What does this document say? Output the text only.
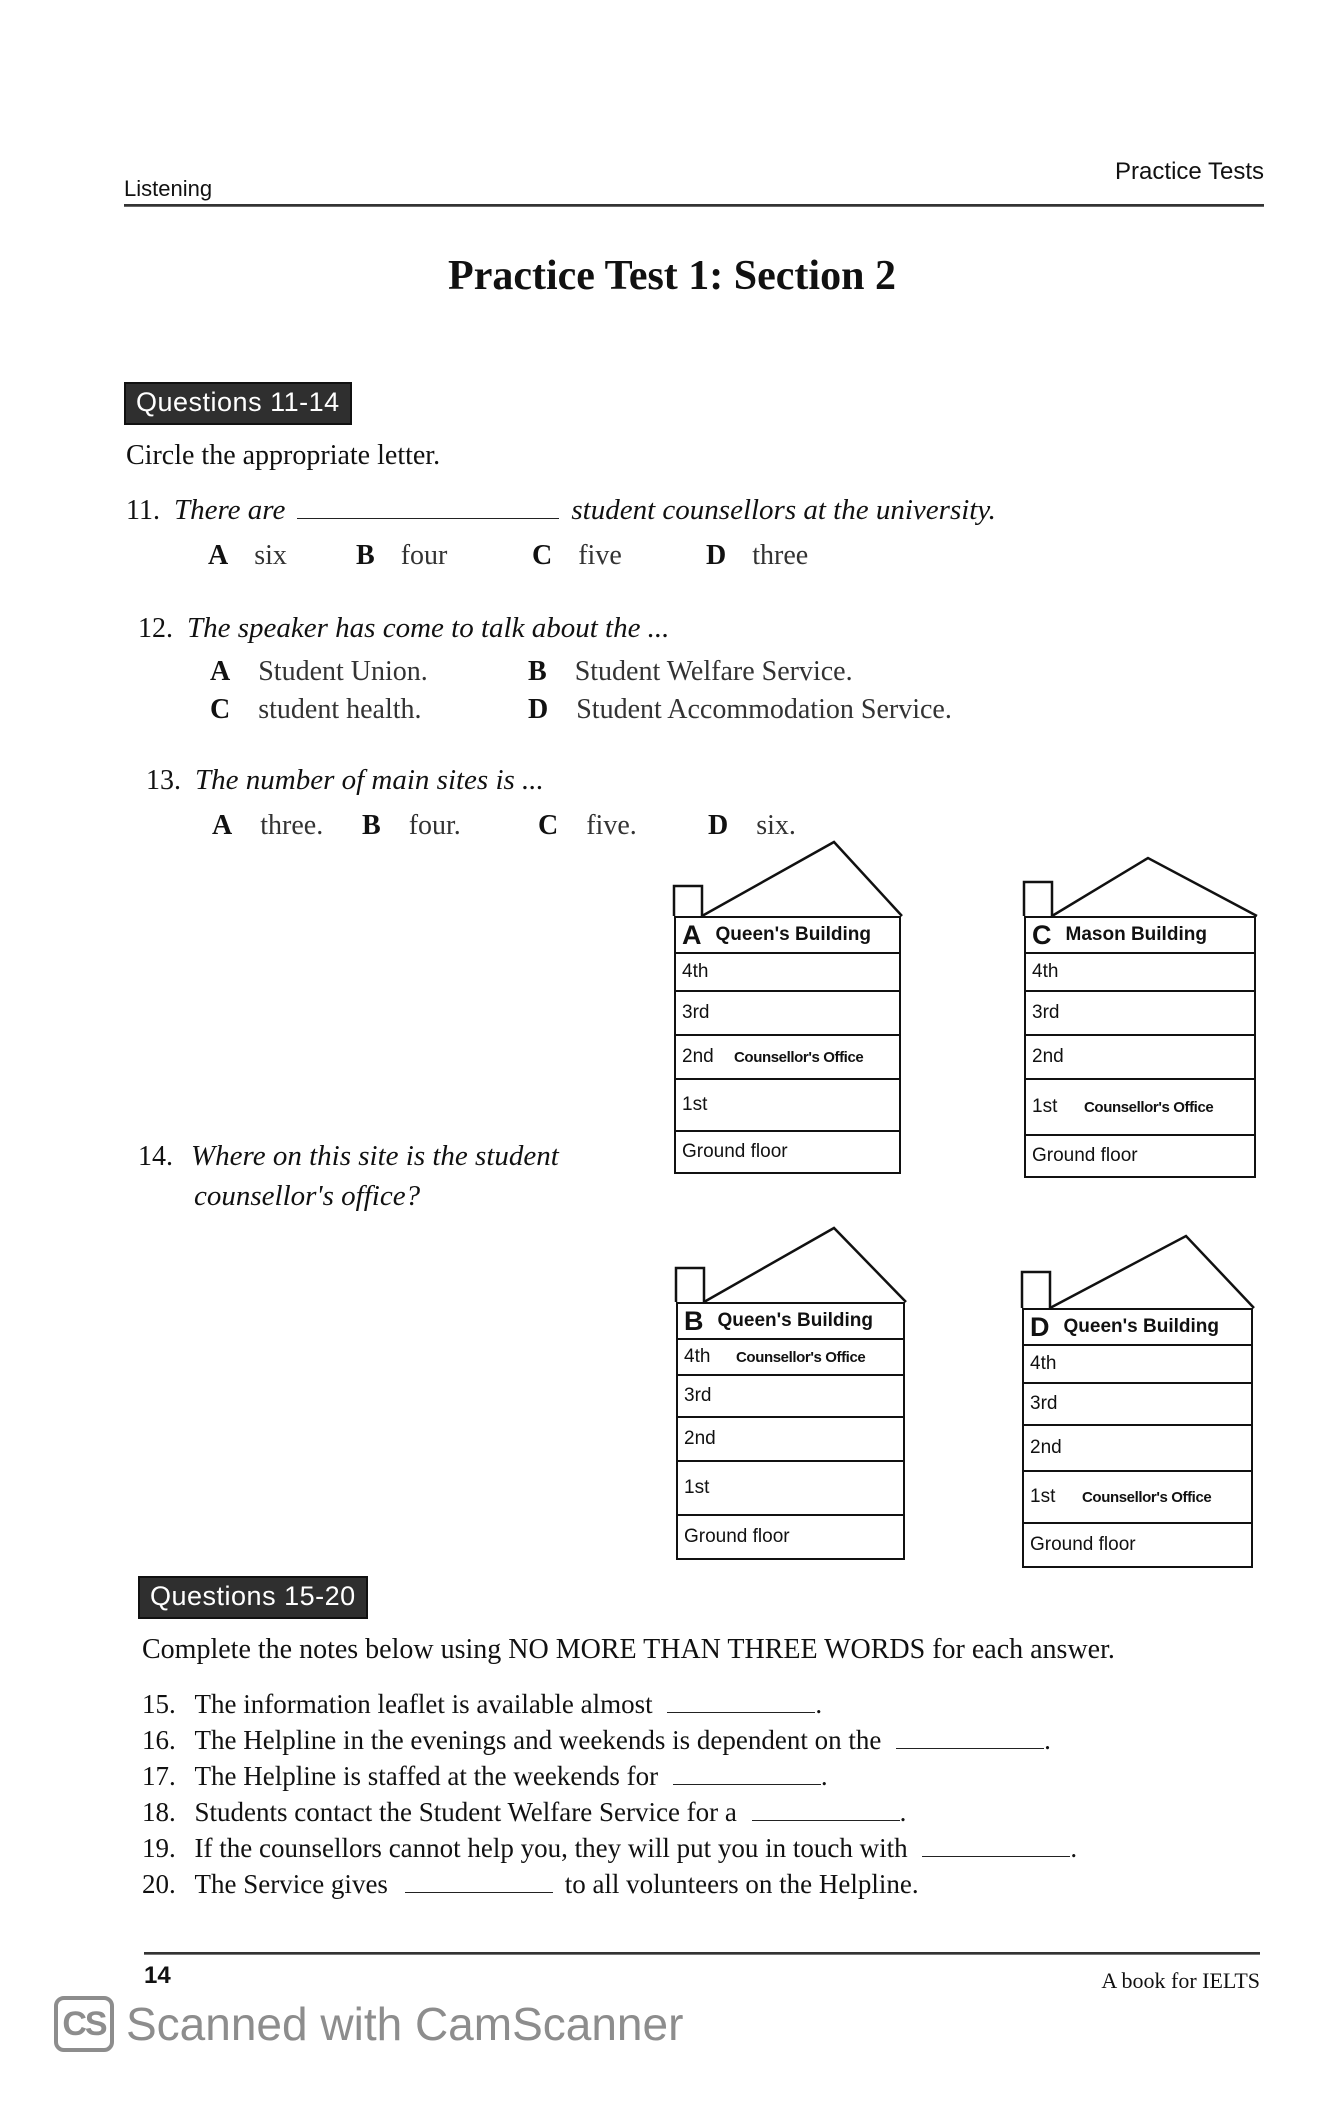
Listening
Practice Tests
Practice Test 1: Section 2
Questions 11-14
Circle the appropriate letter.
11. There are	student counsellors at the university.
A six B four	C five	D three
12. The speaker has come to talk about the ...
A Student Union.	B Student Welfare Service.
C student health.	D Student Accommodation Service.
13. The number of main sites is ...
A three. B four.	C five.	D six.
14. Where on this site is the student
counsellor's office?
A Queen's Building
4th
3rd
2nd	Counsellor's Office
1st
Ground floor
C Mason Building
4th
3rd
2nd
1st	Counsellor's Office
Ground floor
B Queen's Building
4th	Counsellor's Office
3rd
2nd
1st
Ground floor
D Queen's Building
4th
3rd
2nd
1st	Counsellor's Office
Ground floor
Questions 15-20
Complete the notes below using NO MORE THAN THREE WORDS for each answer.
15. The information leaflet is available almost	.
16. The Helpline in the evenings and weekends is dependent on the	.
17. The Helpline is staffed at the weekends for	.
18. Students contact the Student Welfare Service for a	.
19. If the counsellors cannot help you, they will put you in touch with	.
20. The Service gives	to all volunteers on the Helpline.
14	A book for IELTS
CS Scanned with CamScanner
